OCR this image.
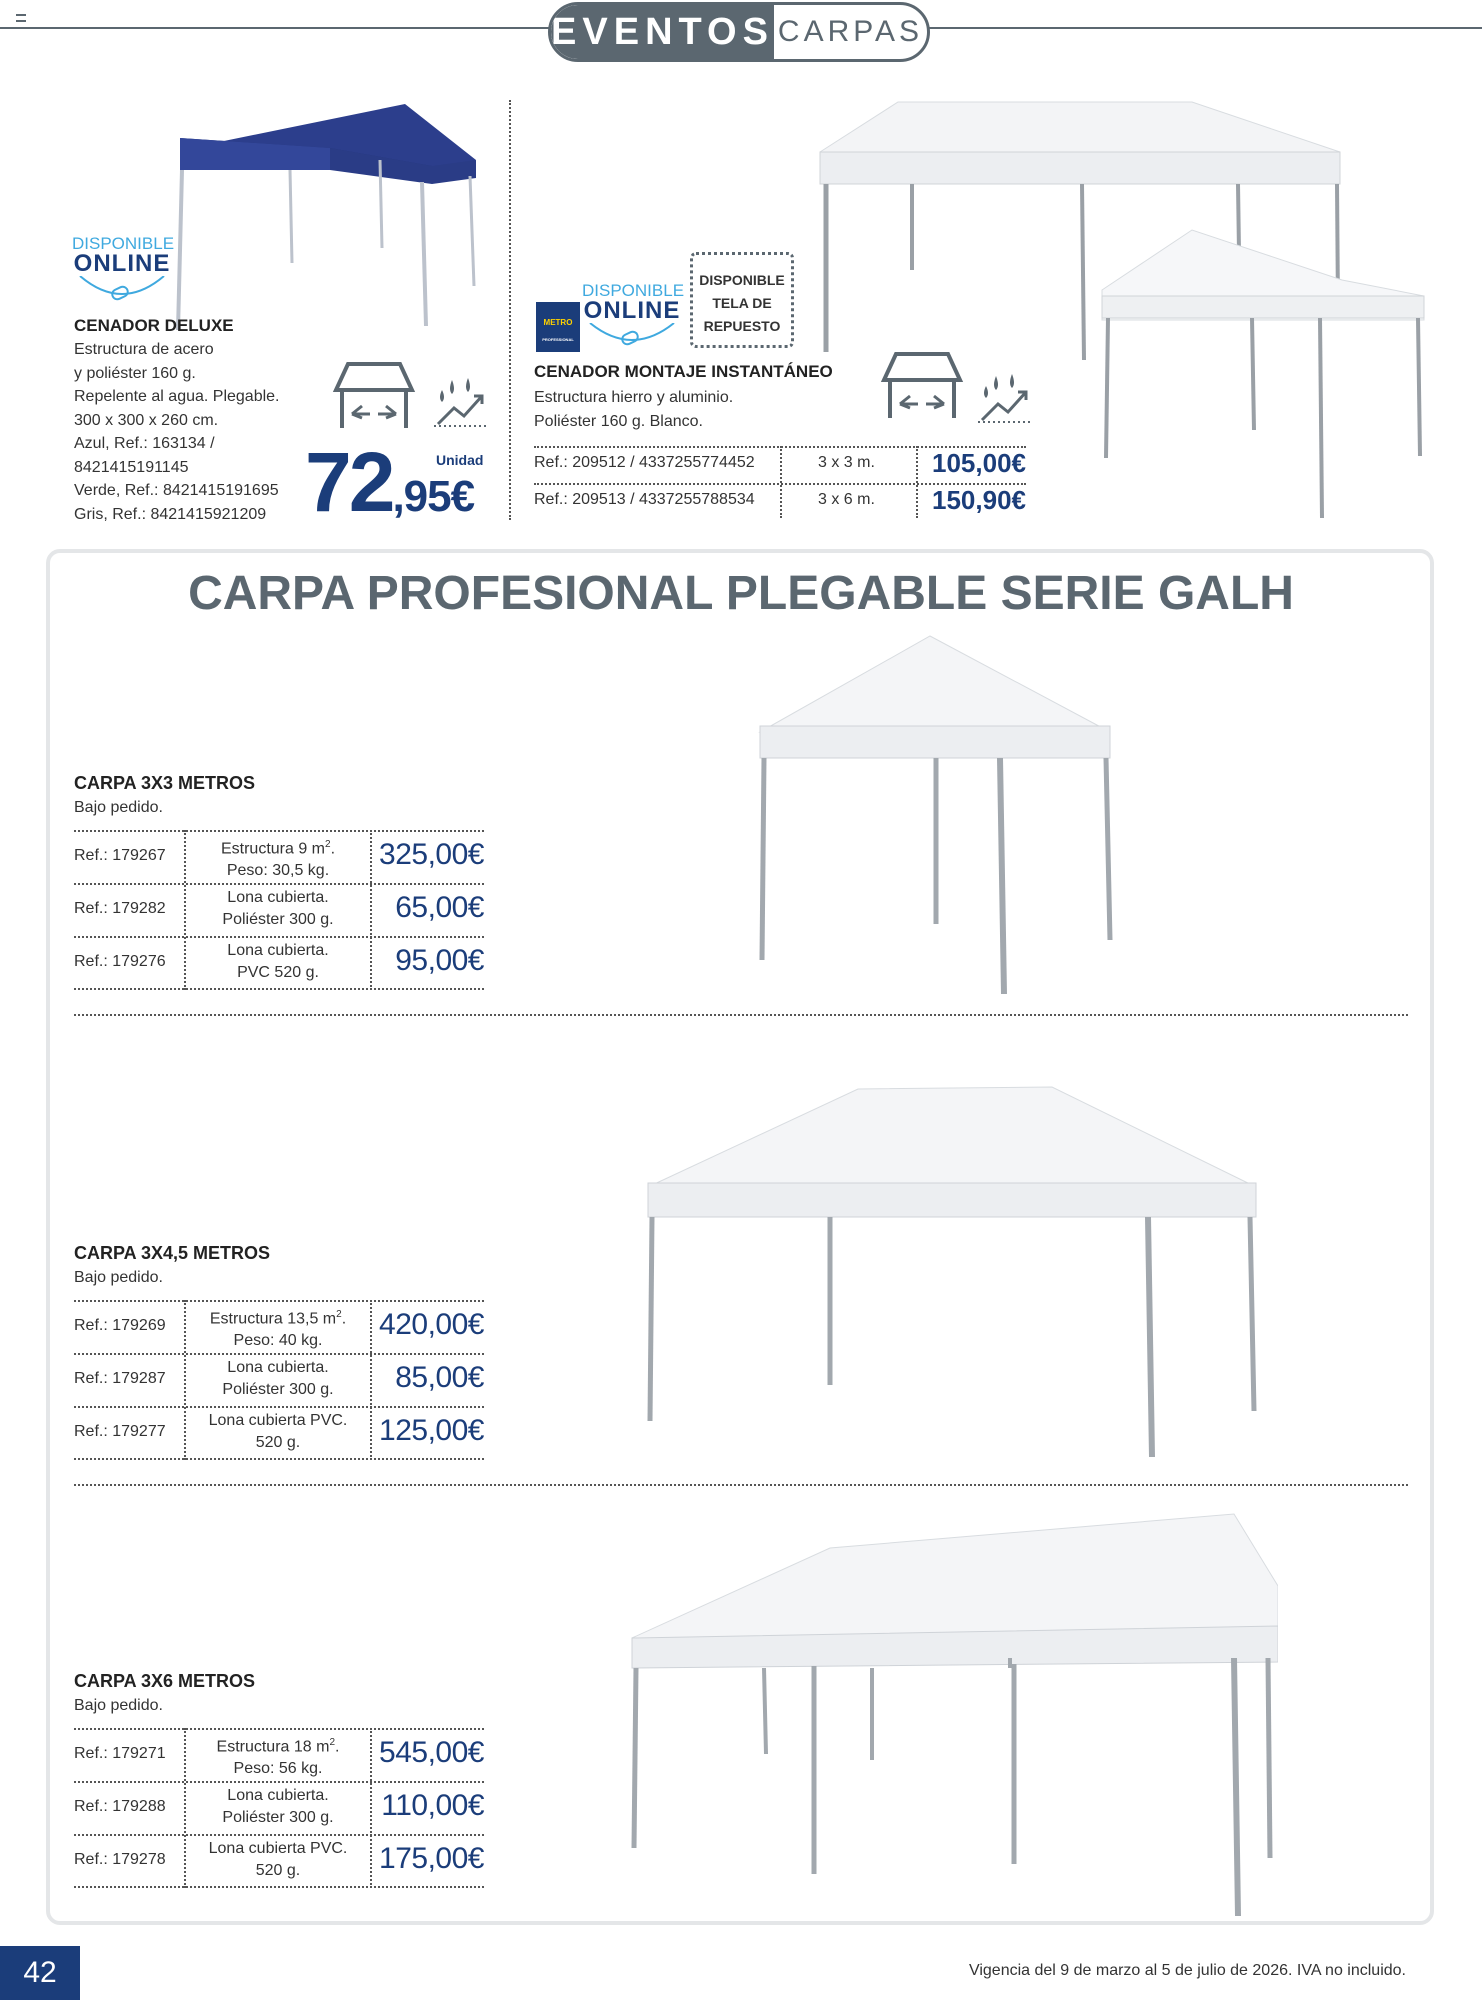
EVENTOS CARPAS
DISPONIBLE
ONLINE
CENADOR DELUXE
Estructura de acero
y poliéster 160 g.
Repelente al agua. Plegable.
300 x 300 x 260 cm.
Azul, Ref.: 163134 /
8421415191145
Verde, Ref.: 8421415191695
Gris, Ref.: 8421415921209
Unidad
72,95€
METRO
PROFESSIONAL
DISPONIBLE
ONLINE
DISPONIBLE
TELA DE
REPUESTO
CENADOR MONTAJE INSTANTÁNEO
Estructura hierro y aluminio.
Poliéster 160 g. Blanco.
Ref.: 209512 / 4337255774452	3 x 3 m.	105,00€
Ref.: 209513 / 4337255788534	3 x 6 m.	150,90€
CARPA PROFESIONAL PLEGABLE SERIE GALH
CARPA 3X3 METROS
Bajo pedido.
Ref.: 179267	Estructura 9 $m^2$.
Peso: 30,5 kg.	325,00€
Ref.: 179282
Lona cubierta.
Poliéster 300 g.	65,00€
Ref.: 179276
Lona cubierta.
PVC 520 g.	95,00€
CARPA 3X4,5 METROS
Bajo pedido.
Ref.: 179269	Estructura 13,5 $m^2$.
Peso: 40 kg.	420,00€
Ref.: 179287
Lona cubierta.
Poliéster 300 g.	85,00€
Ref.: 179277
Lona cubierta PVC.
520 g.	125,00€
CARPA 3X6 METROS
Bajo pedido.
Ref.: 179271	Estructura 18 $m^2$.
Peso: 56 kg.	545,00€
Ref.: 179288
Lona cubierta.
Poliéster 300 g.	110,00€
Ref.: 179278
Lona cubierta PVC.
520 g.	175,00€
42	Vigencia del 9 de marzo al 5 de julio de 2026. IVA no incluido.
